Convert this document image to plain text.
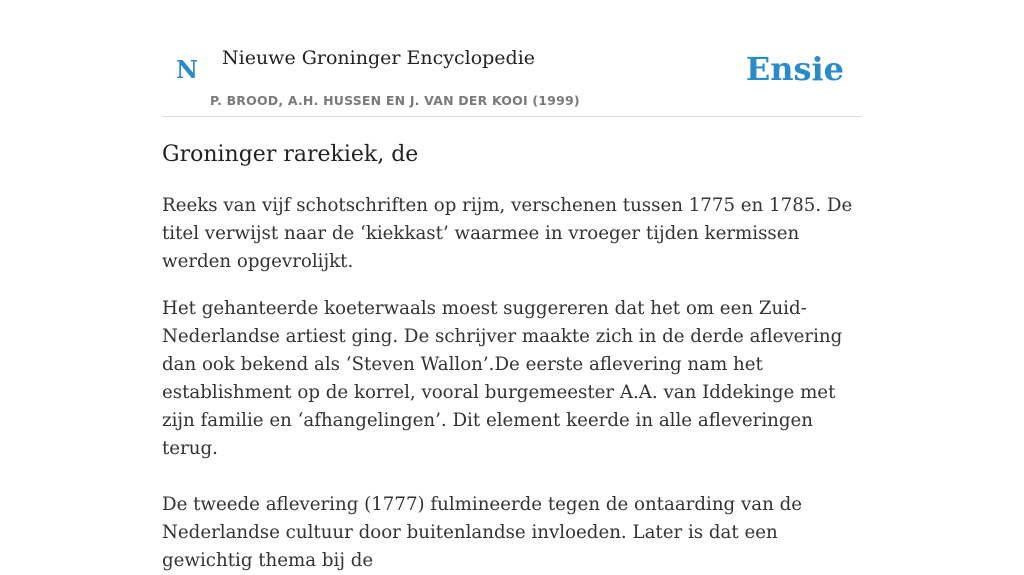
N Nieuwe Groninger Encyclopedie
P. BROOD, A.H. HUSSEN EN J. VAN DER KOOI (1999)
Ensie
Groninger rarekiek, de

Reeks van vijf schotschriften op rijm, verschenen tussen 1775 en 1785. De titel verwijst naar de ‘kiekkast’ waarmee in vroeger tijden kermissen werden opgevrolijkt.

Het gehanteerde koeterwaals moest suggereren dat het om een Zuid-Nederlandse artiest ging. De schrijver maakte zich in de derde aflevering dan ook bekend als ‘Steven Wallon’.De eerste aflevering nam het establishment op de korrel, vooral burgemeester A.A. van Iddekinge met zijn familie en ‘afhangelingen’. Dit element keerde in alle afleveringen terug.

De tweede aflevering (1777) fulmineerde tegen de ontaarding van de Nederlandse cultuur door buitenlandse invloeden. Later is dat een gewichtig thema bij de
